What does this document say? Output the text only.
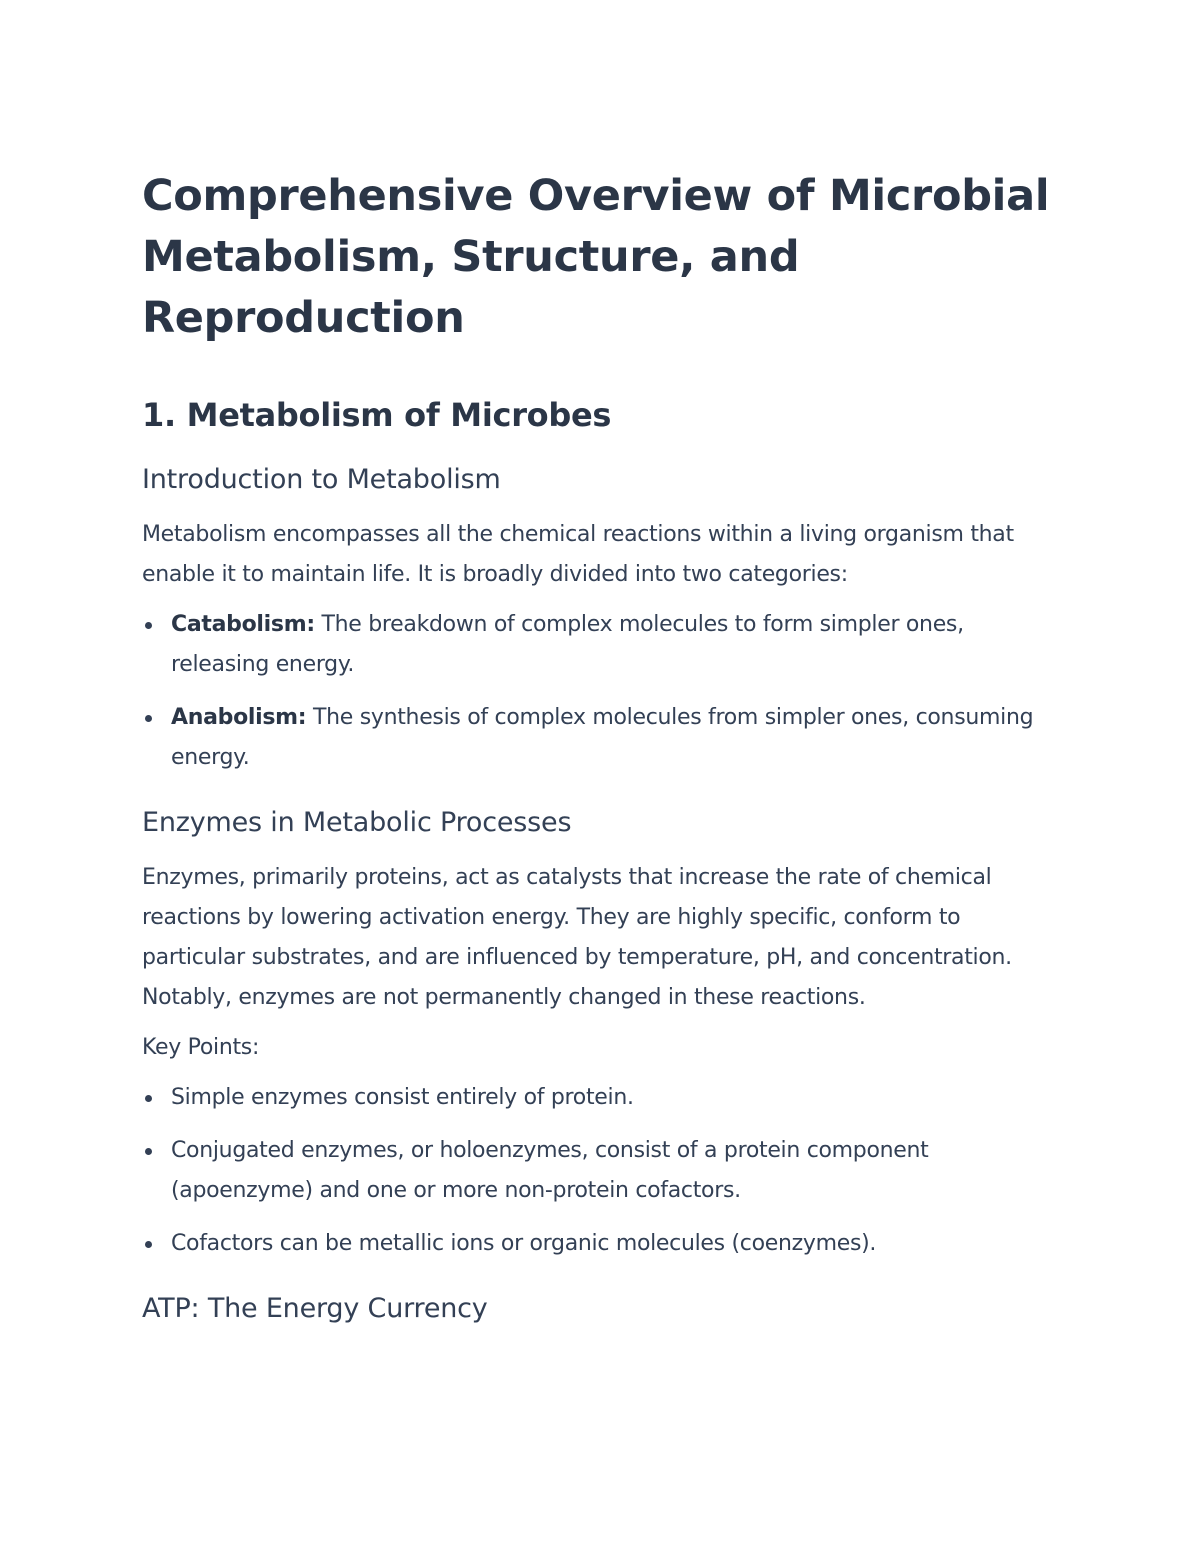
Comprehensive Overview of Microbial Metabolism, Structure, and Reproduction
1. Metabolism of Microbes
Introduction to Metabolism

Metabolism encompasses all the chemical reactions within a living organism that enable it to maintain life. It is broadly divided into two categories:

Catabolism: The breakdown of complex molecules to form simpler ones, releasing energy.
Anabolism: The synthesis of complex molecules from simpler ones, consuming energy.
Enzymes in Metabolic Processes

Enzymes, primarily proteins, act as catalysts that increase the rate of chemical reactions by lowering activation energy. They are highly specific, conform to particular substrates, and are influenced by temperature, pH, and concentration. Notably, enzymes are not permanently changed in these reactions.

Key Points:

Simple enzymes consist entirely of protein.
Conjugated enzymes, or holoenzymes, consist of a protein component (apoenzyme) and one or more non-protein cofactors.
Cofactors can be metallic ions or organic molecules (coenzymes).
ATP: The Energy Currency
